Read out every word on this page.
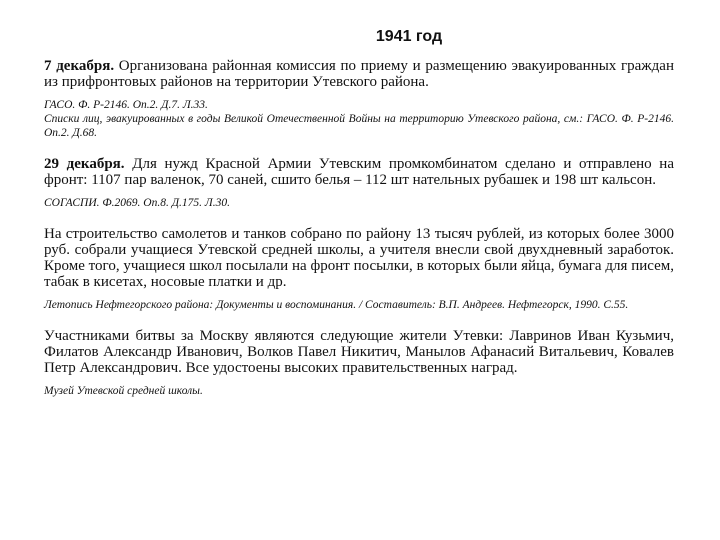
1941 год

7 декабря. Организована районная комиссия по приему и размещению эвакуированных граждан из прифронтовых районов на территории Утевского района.

ГАСО. Ф. Р-2146. Оп.2. Д.7. Л.33.

Списки лиц, эвакуированных в годы Великой Отечественной Войны на территорию Утевского района, см.: ГАСО. Ф. Р-2146. Оп.2. Д.68.

29 декабря. Для нужд Красной Армии Утевским промкомбинатом сделано и отправлено на фронт: 1107 пар валенок, 70 саней, сшито белья – 112 шт нательных рубашек и 198 шт кальсон.

СОГАСПИ. Ф.2069. Оп.8. Д.175. Л.30.

На строительство самолетов и танков собрано по району 13 тысяч рублей, из которых более 3000 руб. собрали учащиеся Утевской средней школы, а учителя внесли свой двухдневный заработок. Кроме того, учащиеся школ посылали на фронт посылки, в которых были яйца, бумага для писем, табак в кисетах, носовые платки и др.

Летопись Нефтегорского района: Документы и воспоминания. / Составитель: В.П. Андреев. Нефтегорск, 1990. С.55.

Участниками битвы за Москву являются следующие жители Утевки: Лавринов Иван Кузьмич, Филатов Александр Иванович, Волков Павел Никитич, Манылов Афанасий Витальевич, Ковалев Петр Александрович. Все удостоены высоких правительственных наград.

Музей Утевской средней школы.
